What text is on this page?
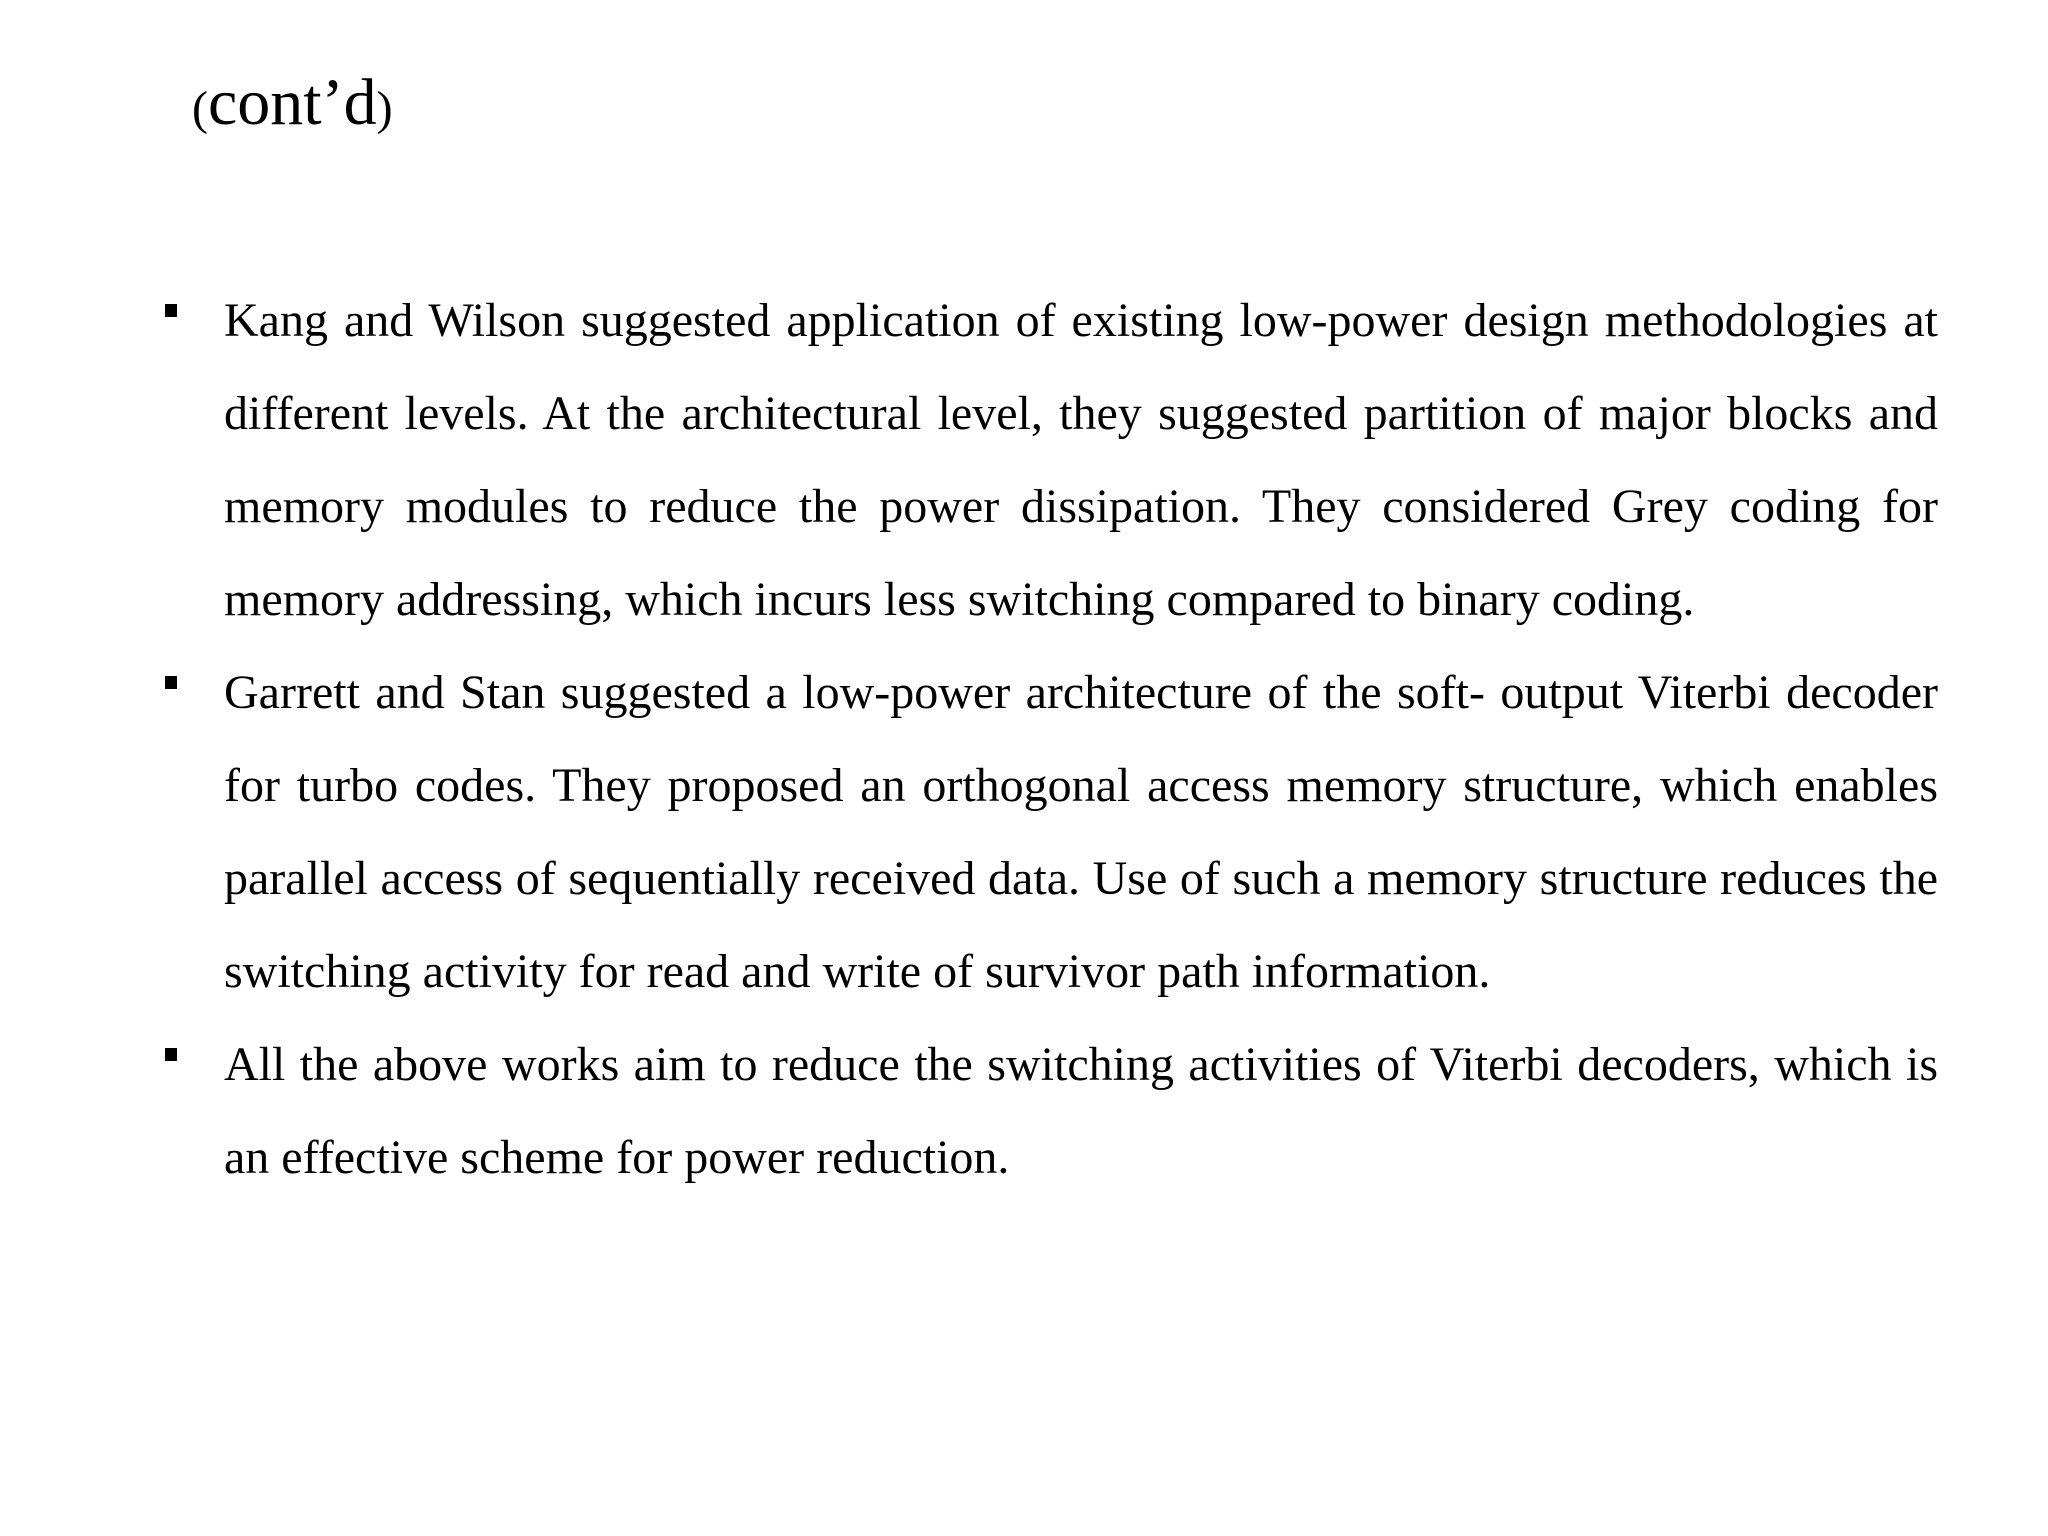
(cont’d)
Kang and Wilson suggested application of existing low-power design methodologies at different levels. At the architectural level, they suggested partition of major blocks and memory modules to reduce the power dissipation. They considered Grey coding for memory addressing, which incurs less switching compared to binary coding.
Garrett and Stan suggested a low-power architecture of the soft- output Viterbi decoder for turbo codes. They proposed an orthogonal access memory structure, which enables parallel access of sequentially received data. Use of such a memory structure reduces the switching activity for read and write of survivor path information.
All the above works aim to reduce the switching activities of Viterbi decoders, which is an effective scheme for power reduction.
